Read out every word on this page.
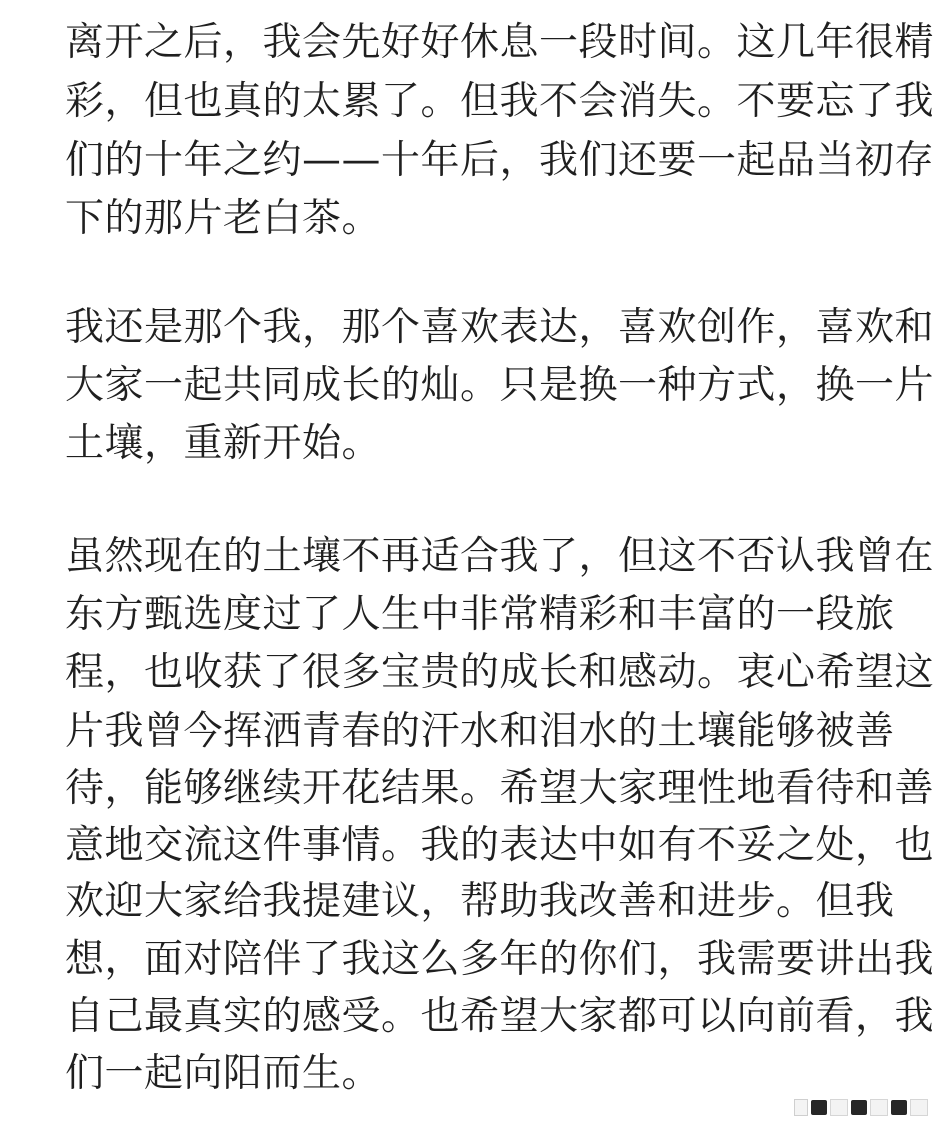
离开之后，我会先好好休息一段时间。这几年很精
彩，但也真的太累了。但我不会消失。不要忘了我
们的十年之约——十年后，我们还要一起品当初存
下的那片老白茶。
我还是那个我，那个喜欢表达，喜欢创作，喜欢和
大家一起共同成长的灿。只是换一种方式，换一片
土壤，重新开始。
虽然现在的土壤不再适合我了，但这不否认我曾在
东方甄选度过了人生中非常精彩和丰富的一段旅
程，也收获了很多宝贵的成长和感动。衷心希望这
片我曾今挥洒青春的汗水和泪水的土壤能够被善
待，能够继续开花结果。希望大家理性地看待和善
意地交流这件事情。我的表达中如有不妥之处，也
欢迎大家给我提建议，帮助我改善和进步。但我
想，面对陪伴了我这么多年的你们，我需要讲出我
自己最真实的感受。也希望大家都可以向前看，我
们一起向阳而生。
